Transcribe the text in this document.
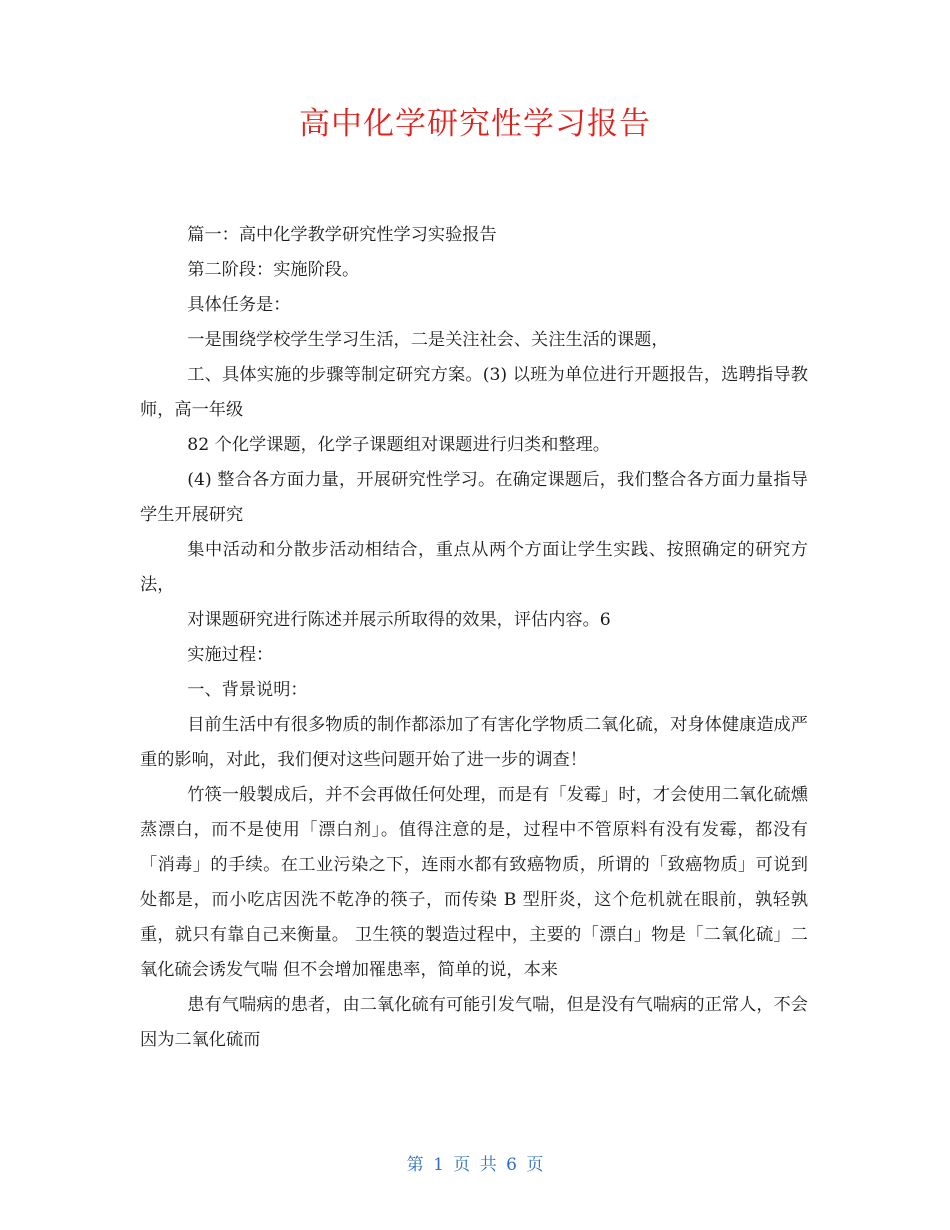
高中化学研究性学习报告

篇一：高中化学教学研究性学习实验报告

第二阶段：实施阶段。

具体任务是：

一是围绕学校学生学习生活，二是关注社会、关注生活的课题，

工、具体实施的步骤等制定研究方案。(3) 以班为单位进行开题报告，选聘指导教师，高一年级

82 个化学课题，化学子课题组对课题进行归类和整理。

(4) 整合各方面力量，开展研究性学习。在确定课题后，我们整合各方面力量指导学生开展研究

集中活动和分散步活动相结合，重点从两个方面让学生实践、按照确定的研究方法，

对课题研究进行陈述并展示所取得的效果，评估内容。6

实施过程：

一、背景说明：

目前生活中有很多物质的制作都添加了有害化学物质二氧化硫，对身体健康造成严重的影响，对此，我们便对这些问题开始了进一步的调查！

竹筷一般製成后，并不会再做任何处理，而是有「发霉」时，才会使用二氧化硫燻蒸漂白，而不是使用「漂白剂」。值得注意的是，过程中不管原料有没有发霉，都没有「消毒」的手续。在工业污染之下，连雨水都有致癌物质，所谓的「致癌物质」可说到处都是，而小吃店因洗不乾净的筷子，而传染 B 型肝炎，这个危机就在眼前，孰轻孰重，就只有靠自己来衡量。 卫生筷的製造过程中，主要的「漂白」物是「二氧化硫」二氧化硫会诱发气喘 但不会增加罹患率，简单的说，本来

患有气喘病的患者，由二氧化硫有可能引发气喘，但是没有气喘病的正常人，不会因为二氧化硫而

第 1 页 共 6 页
